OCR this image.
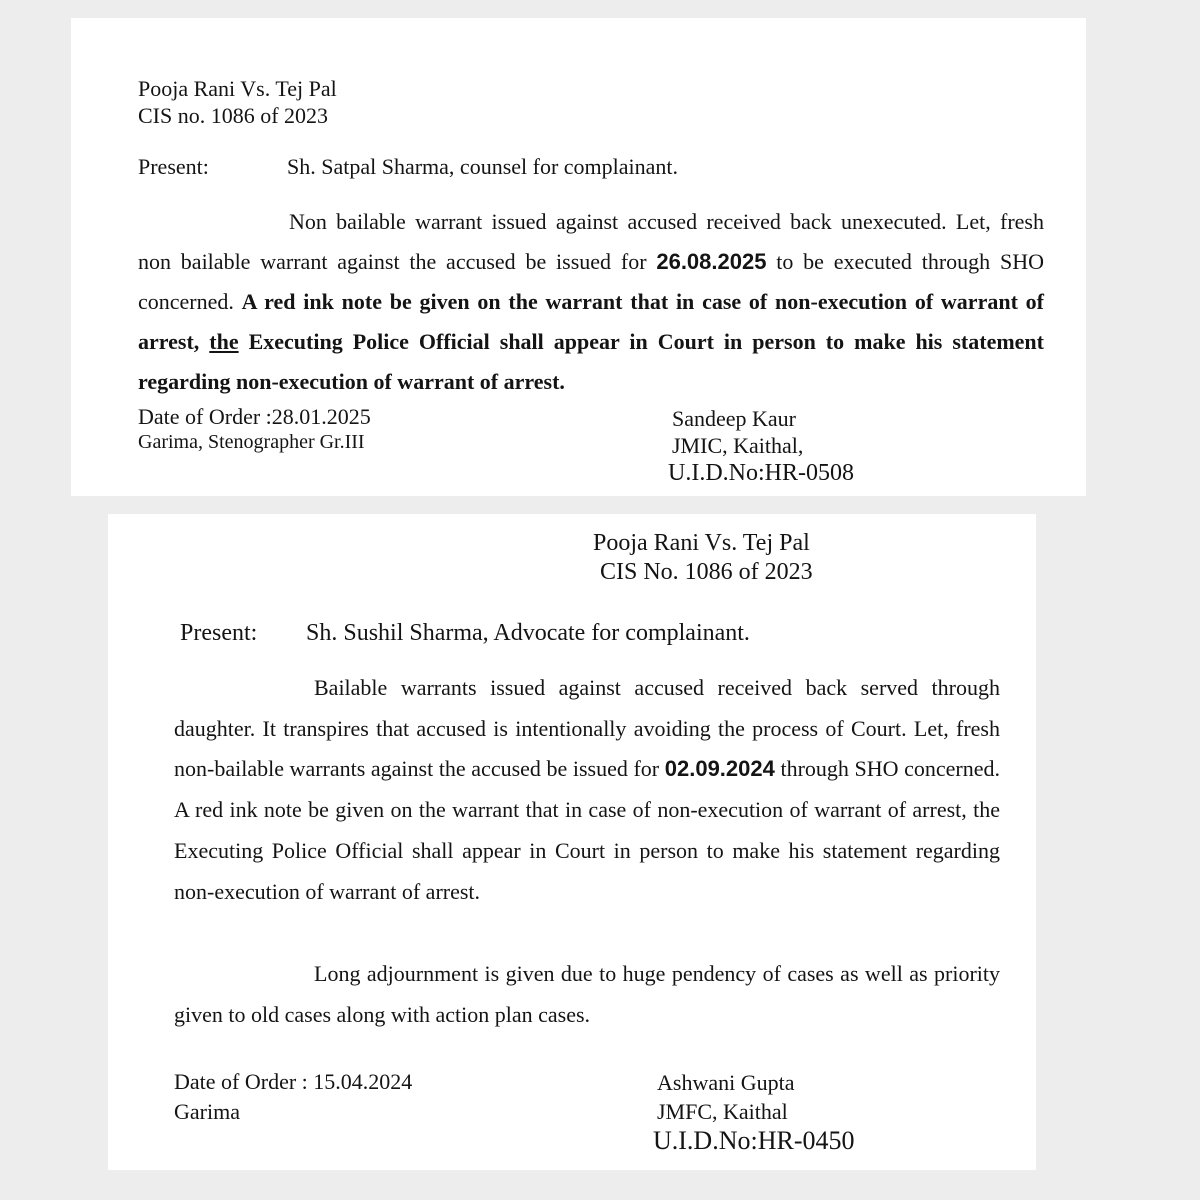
Pooja Rani Vs. Tej Pal

CIS no. 1086 of 2023

Present:	Sh. Satpal Sharma, counsel for complainant.

Non bailable warrant issued against accused received back unexecuted. Let, fresh non bailable warrant against the accused be issued for 26.08.2025 to be executed through SHO concerned. A red ink note be given on the warrant that in case of non-execution of warrant of arrest, the Executing Police Official shall appear in Court in person to make his statement regarding non-execution of warrant of arrest.

Date of Order :28.01.2025

Garima, Stenographer Gr.III

Sandeep Kaur

JMIC, Kaithal,

U.I.D.No:HR-0508

Pooja Rani Vs. Tej Pal

CIS No. 1086 of 2023

Present: Sh. Sushil Sharma, Advocate for complainant.

Bailable warrants issued against accused received back served through daughter. It transpires that accused is intentionally avoiding the process of Court. Let, fresh non-bailable warrants against the accused be issued for 02.09.2024 through SHO concerned. A red ink note be given on the warrant that in case of non-execution of warrant of arrest, the Executing Police Official shall appear in Court in person to make his statement regarding non-execution of warrant of arrest.

Long adjournment is given due to huge pendency of cases as well as priority given to old cases along with action plan cases.

Date of Order : 15.04.2024

Garima

Ashwani Gupta

JMFC, Kaithal

U.I.D.No:HR-0450
